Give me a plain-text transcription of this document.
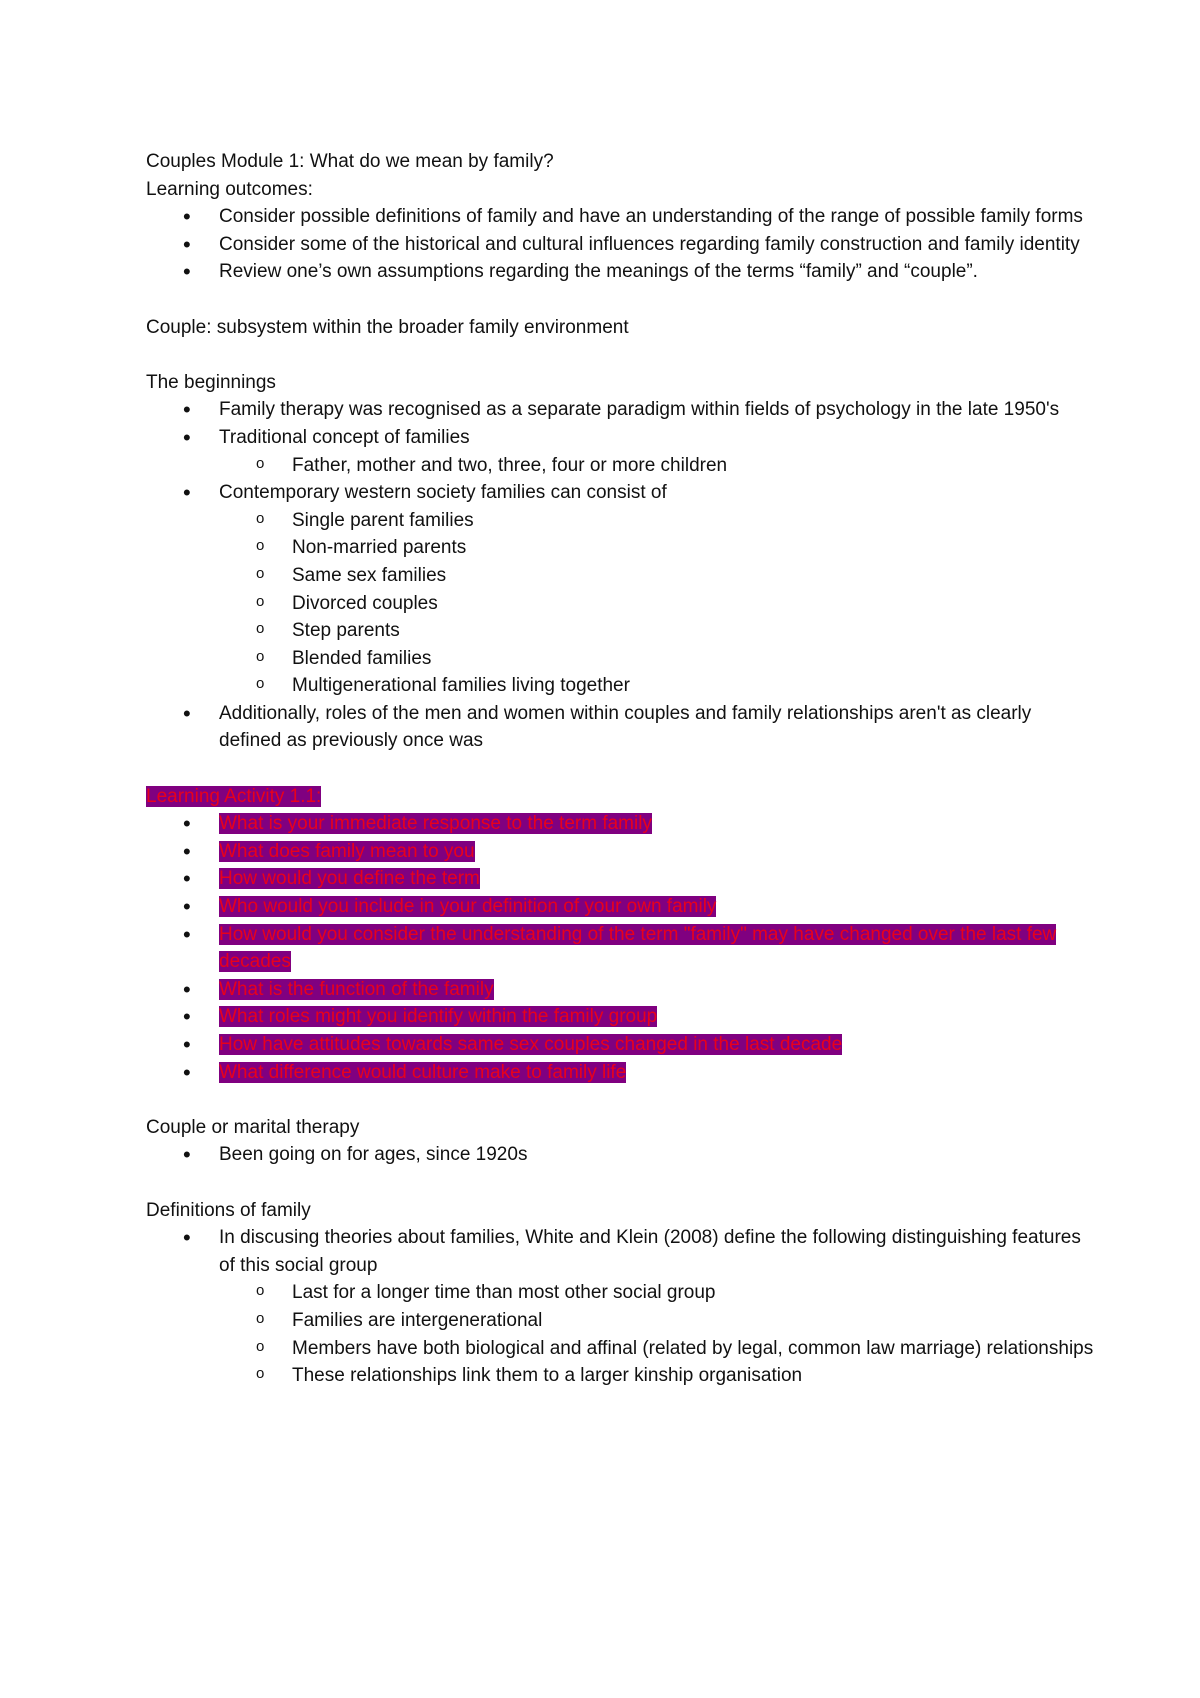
Couples Module 1: What do we mean by family?

Learning outcomes:

• Consider possible definitions of family and have an understanding of the range of possible family forms
• Consider some of the historical and cultural influences regarding family construction and family identity
• Review one’s own assumptions regarding the meanings of the terms “family” and “couple”.

Couple: subsystem within the broader family environment

The beginnings

• Family therapy was recognised as a separate paradigm within fields of psychology in the late 1950's
• Traditional concept of families
o Father, mother and two, three, four or more children
• Contemporary western society families can consist of
o Single parent families
o Non-married parents
o Same sex families
o Divorced couples
o Step parents
o Blended families
o Multigenerational families living together
• Additionally, roles of the men and women within couples and family relationships aren't as clearly defined as previously once was

Learning Activity 1.1:

• What is your immediate response to the term family
• What does family mean to you
• How would you define the term
• Who would you include in your definition of your own family
• How would you consider the understanding of the term "family" may have changed over the last few decades
• What is the function of the family
• What roles might you identify within the family group
• How have attitudes towards same sex couples changed in the last decade
• What difference would culture make to family life

Couple or marital therapy

• Been going on for ages, since 1920s

Definitions of family

• In discusing theories about families, White and Klein (2008) define the following distinguishing features of this social group
o Last for a longer time than most other social group
o Families are intergenerational
o Members have both biological and affinal (related by legal, common law marriage) relationships
o These relationships link them to a larger kinship organisation
